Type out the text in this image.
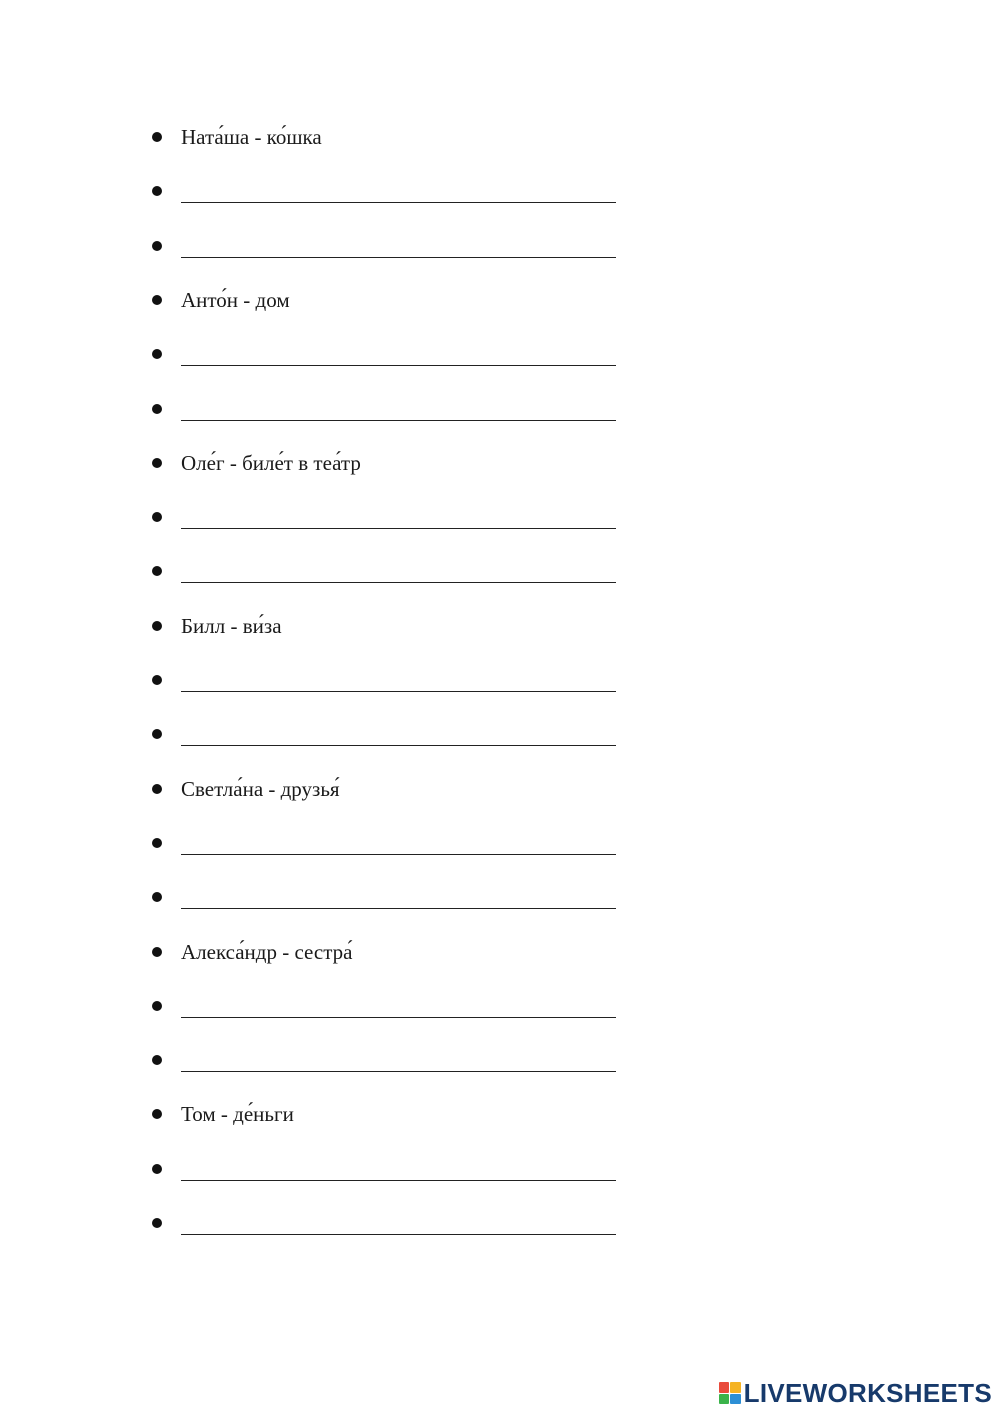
Ната́ша - ко́шка
Анто́н - дом
Оле́г - биле́т в теа́тр
Билл - ви́за
Светла́на - друзья́
Алекса́ндр - сестра́
Том - де́ньги
LIVEWORKSHEETS
